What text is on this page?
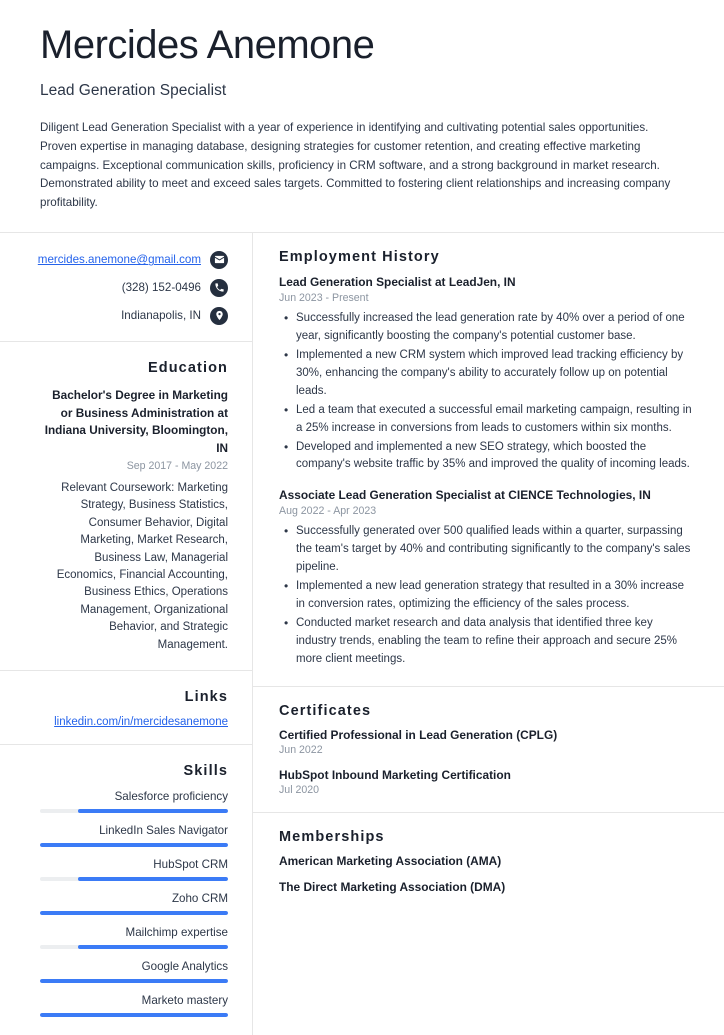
Mercides Anemone
Lead Generation Specialist

Diligent Lead Generation Specialist with a year of experience in identifying and cultivating potential sales opportunities. Proven expertise in managing database, designing strategies for customer retention, and creating effective marketing campaigns. Exceptional communication skills, proficiency in CRM software, and a strong background in market research. Demonstrated ability to meet and exceed sales targets. Committed to fostering client relationships and increasing company profitability.

mercides.anemone@gmail.com
(328) 152-0496
Indianapolis, IN
Education
Bachelor's Degree in Marketing or Business Administration at Indiana University, Bloomington, IN
Sep 2017 - May 2022
Relevant Coursework: Marketing Strategy, Business Statistics, Consumer Behavior, Digital Marketing, Market Research, Business Law, Managerial Economics, Financial Accounting, Business Ethics, Operations Management, Organizational Behavior, and Strategic Management.
Links
linkedin.com/in/mercidesanemone
Skills
Salesforce proficiency
LinkedIn Sales Navigator
HubSpot CRM
Zoho CRM
Mailchimp expertise
Google Analytics
Marketo mastery
Employment History
Lead Generation Specialist at LeadJen, IN
Jun 2023 - Present
• Successfully increased the lead generation rate by 40% over a period of one year, significantly boosting the company's potential customer base.
• Implemented a new CRM system which improved lead tracking efficiency by 30%, enhancing the company's ability to accurately follow up on potential leads.
• Led a team that executed a successful email marketing campaign, resulting in a 25% increase in conversions from leads to customers within six months.
• Developed and implemented a new SEO strategy, which boosted the company's website traffic by 35% and improved the quality of incoming leads.
Associate Lead Generation Specialist at CIENCE Technologies, IN
Aug 2022 - Apr 2023
• Successfully generated over 500 qualified leads within a quarter, surpassing the team's target by 40% and contributing significantly to the company's sales pipeline.
• Implemented a new lead generation strategy that resulted in a 30% increase in conversion rates, optimizing the efficiency of the sales process.
• Conducted market research and data analysis that identified three key industry trends, enabling the team to refine their approach and secure 25% more client meetings.
Certificates
Certified Professional in Lead Generation (CPLG)
Jun 2022
HubSpot Inbound Marketing Certification
Jul 2020
Memberships
American Marketing Association (AMA)
The Direct Marketing Association (DMA)
